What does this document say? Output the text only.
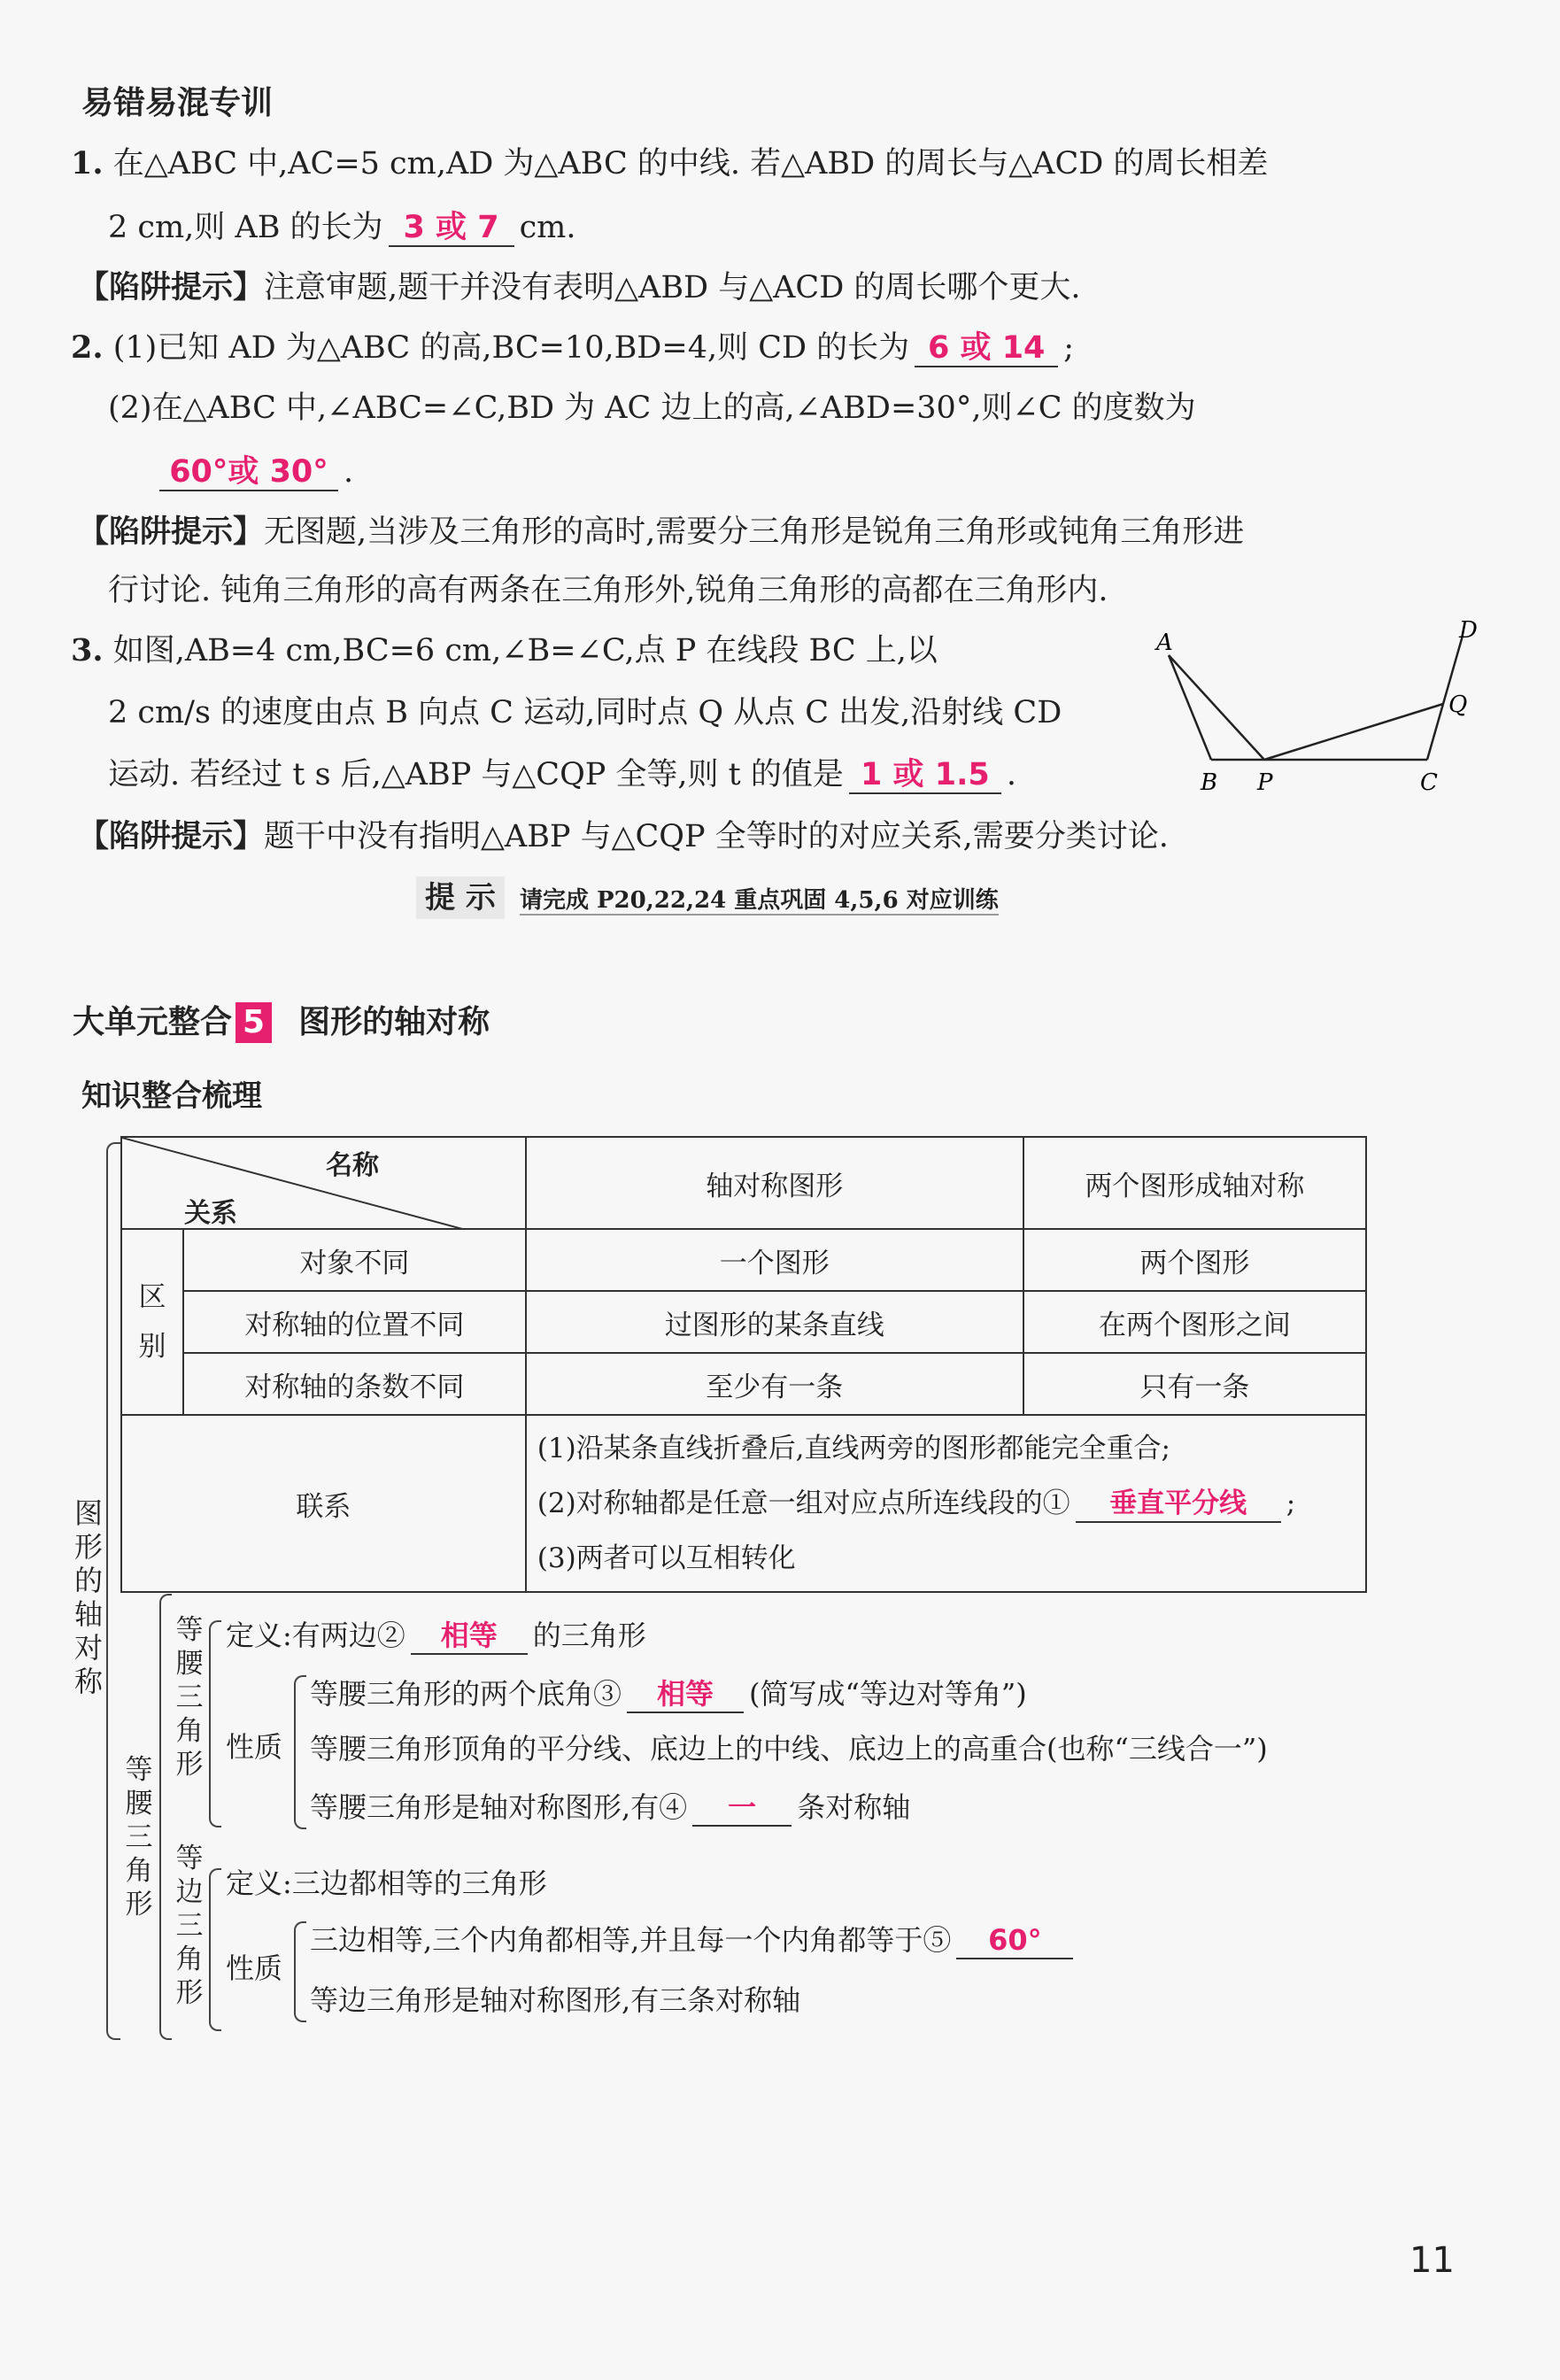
易错易混专训
1. 在△ABC 中,AC=5 cm,AD 为△ABC 的中线. 若△ABD 的周长与△ACD 的周长相差
2 cm,则 AB 的长为 3 或 7 cm.
【陷阱提示】注意审题,题干并没有表明△ABD 与△ACD 的周长哪个更大.
2. (1)已知 AD 为△ABC 的高,BC=10,BD=4,则 CD 的长为 6 或 14 ;
(2)在△ABC 中,∠ABC=∠C,BD 为 AC 边上的高,∠ABD=30°,则∠C 的度数为
60°或 30° .
【陷阱提示】无图题,当涉及三角形的高时,需要分三角形是锐角三角形或钝角三角形进
行讨论. 钝角三角形的高有两条在三角形外,锐角三角形的高都在三角形内.
3. 如图,AB=4 cm,BC=6 cm,∠B=∠C,点 P 在线段 BC 上,以
2 cm/s 的速度由点 B 向点 C 运动,同时点 Q 从点 C 出发,沿射线 CD
运动. 若经过 t s 后,△ABP 与△CQP 全等,则 t 的值是 1 或 1.5 .
【陷阱提示】题干中没有指明△ABP 与△CQP 全等时的对应关系,需要分类讨论.
A
B P	C
Q
D
提 示 请完成 P20,22,24 重点巩固 4,5,6 对应训练
大单元整合 5 图形的轴对称
知识整合梳理
图形的轴对称
名称
关系		轴对称图形	两个图形成轴对称

区别	对象不同	一个图形	两个图形
	对称轴的位置不同	过图形的某条直线	在两个图形之间
	对称轴的条数不同	至少有一条	只有一条
联系		(1)沿某条直线折叠后,直线两旁的图形都能完全重合;
(2)对称轴都是任意一组对应点所连线段的① 垂直平分线 ;
(3)两者可以互相转化	
等腰三角形
等腰三角形
定义:有两边② 相等 的三角形
性质
等腰三角形的两个底角③ 相等 (简写成“等边对等角”)
等腰三角形顶角的平分线、底边上的中线、底边上的高重合(也称“三线合一”)
等腰三角形是轴对称图形,有④ 一 条对称轴
等边三角形
定义:三边都相等的三角形
性质
三边相等,三个内角都相等,并且每一个内角都等于⑤ 60°
等边三角形是轴对称图形,有三条对称轴
11
